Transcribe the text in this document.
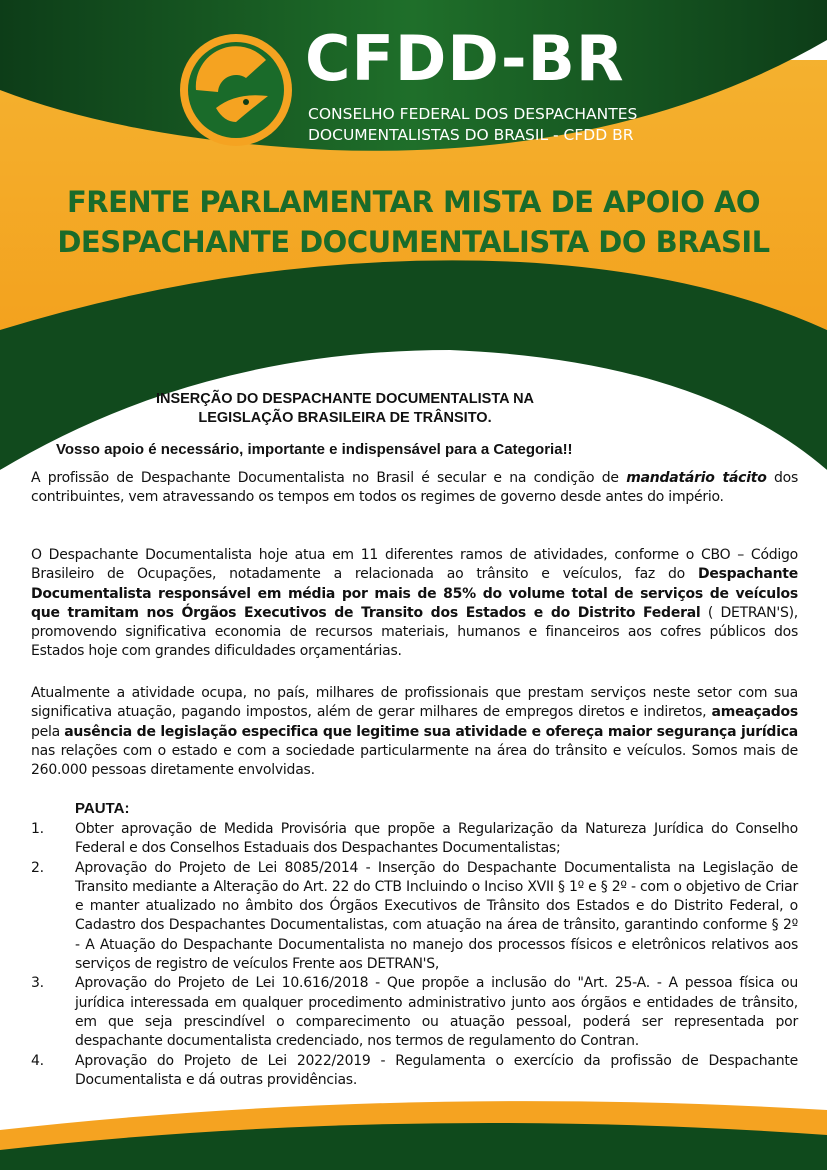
CFDD-BR
CONSELHO FEDERAL DOS DESPACHANTES
DOCUMENTALISTAS DO BRASIL - CFDD BR
FRENTE PARLAMENTAR MISTA DE APOIO AO
DESPACHANTE DOCUMENTALISTA DO BRASIL
INSERÇÃO DO DESPACHANTE DOCUMENTALISTA NA
LEGISLAÇÃO BRASILEIRA DE TRÂNSITO.
Vosso apoio é necessário, importante e indispensável para a Categoria!!
A profissão de Despachante Documentalista no Brasil é secular e na condição de mandatário tácito dos contribuintes, vem atravessando os tempos em todos os regimes de governo desde antes do império.
O Despachante Documentalista hoje atua em 11 diferentes ramos de atividades, conforme o CBO – Código Brasileiro de Ocupações, notadamente a relacionada ao trânsito e veículos, faz do Despachante Documentalista responsável em média por mais de 85% do volume total de serviços de veículos que tramitam nos Órgãos Executivos de Transito dos Estados e do Distrito Federal ( DETRAN'S), promovendo significativa economia de recursos materiais, humanos e financeiros aos cofres públicos dos Estados hoje com grandes dificuldades orçamentárias.
Atualmente a atividade ocupa, no país, milhares de profissionais que prestam serviços neste setor com sua significativa atuação, pagando impostos, além de gerar milhares de empregos diretos e indiretos, ameaçados pela ausência de legislação especifica que legitime sua atividade e ofereça maior segurança jurídica nas relações com o estado e com a sociedade particularmente na área do trânsito e veículos. Somos mais de 260.000 pessoas diretamente envolvidas.
PAUTA:
1.	Obter aprovação de Medida Provisória que propõe a Regularização da Natureza Jurídica do Conselho Federal e dos Conselhos Estaduais dos Despachantes Documentalistas;
2.	Aprovação do Projeto de Lei 8085/2014 - Inserção do Despachante Documentalista na Legislação de Transito mediante a Alteração do Art. 22 do CTB Incluindo o Inciso XVII § 1º e § 2º - com o objetivo de Criar e manter atualizado no âmbito dos Órgãos Executivos de Trânsito dos Estados e do Distrito Federal, o Cadastro dos Despachantes Documentalistas, com atuação na área de trânsito, garantindo conforme § 2º - A Atuação do Despachante Documentalista no manejo dos processos físicos e eletrônicos relativos aos serviços de registro de veículos Frente aos DETRAN'S,
3.	Aprovação do Projeto de Lei 10.616/2018 - Que propõe a inclusão do "Art. 25-A. - A pessoa física ou jurídica interessada em qualquer procedimento administrativo junto aos órgãos e entidades de trânsito, em que seja prescindível o comparecimento ou atuação pessoal, poderá ser representada por despachante documentalista credenciado, nos termos de regulamento do Contran.
4.	Aprovação do Projeto de Lei 2022/2019 - Regulamenta o exercício da profissão de Despachante Documentalista e dá outras providências.
